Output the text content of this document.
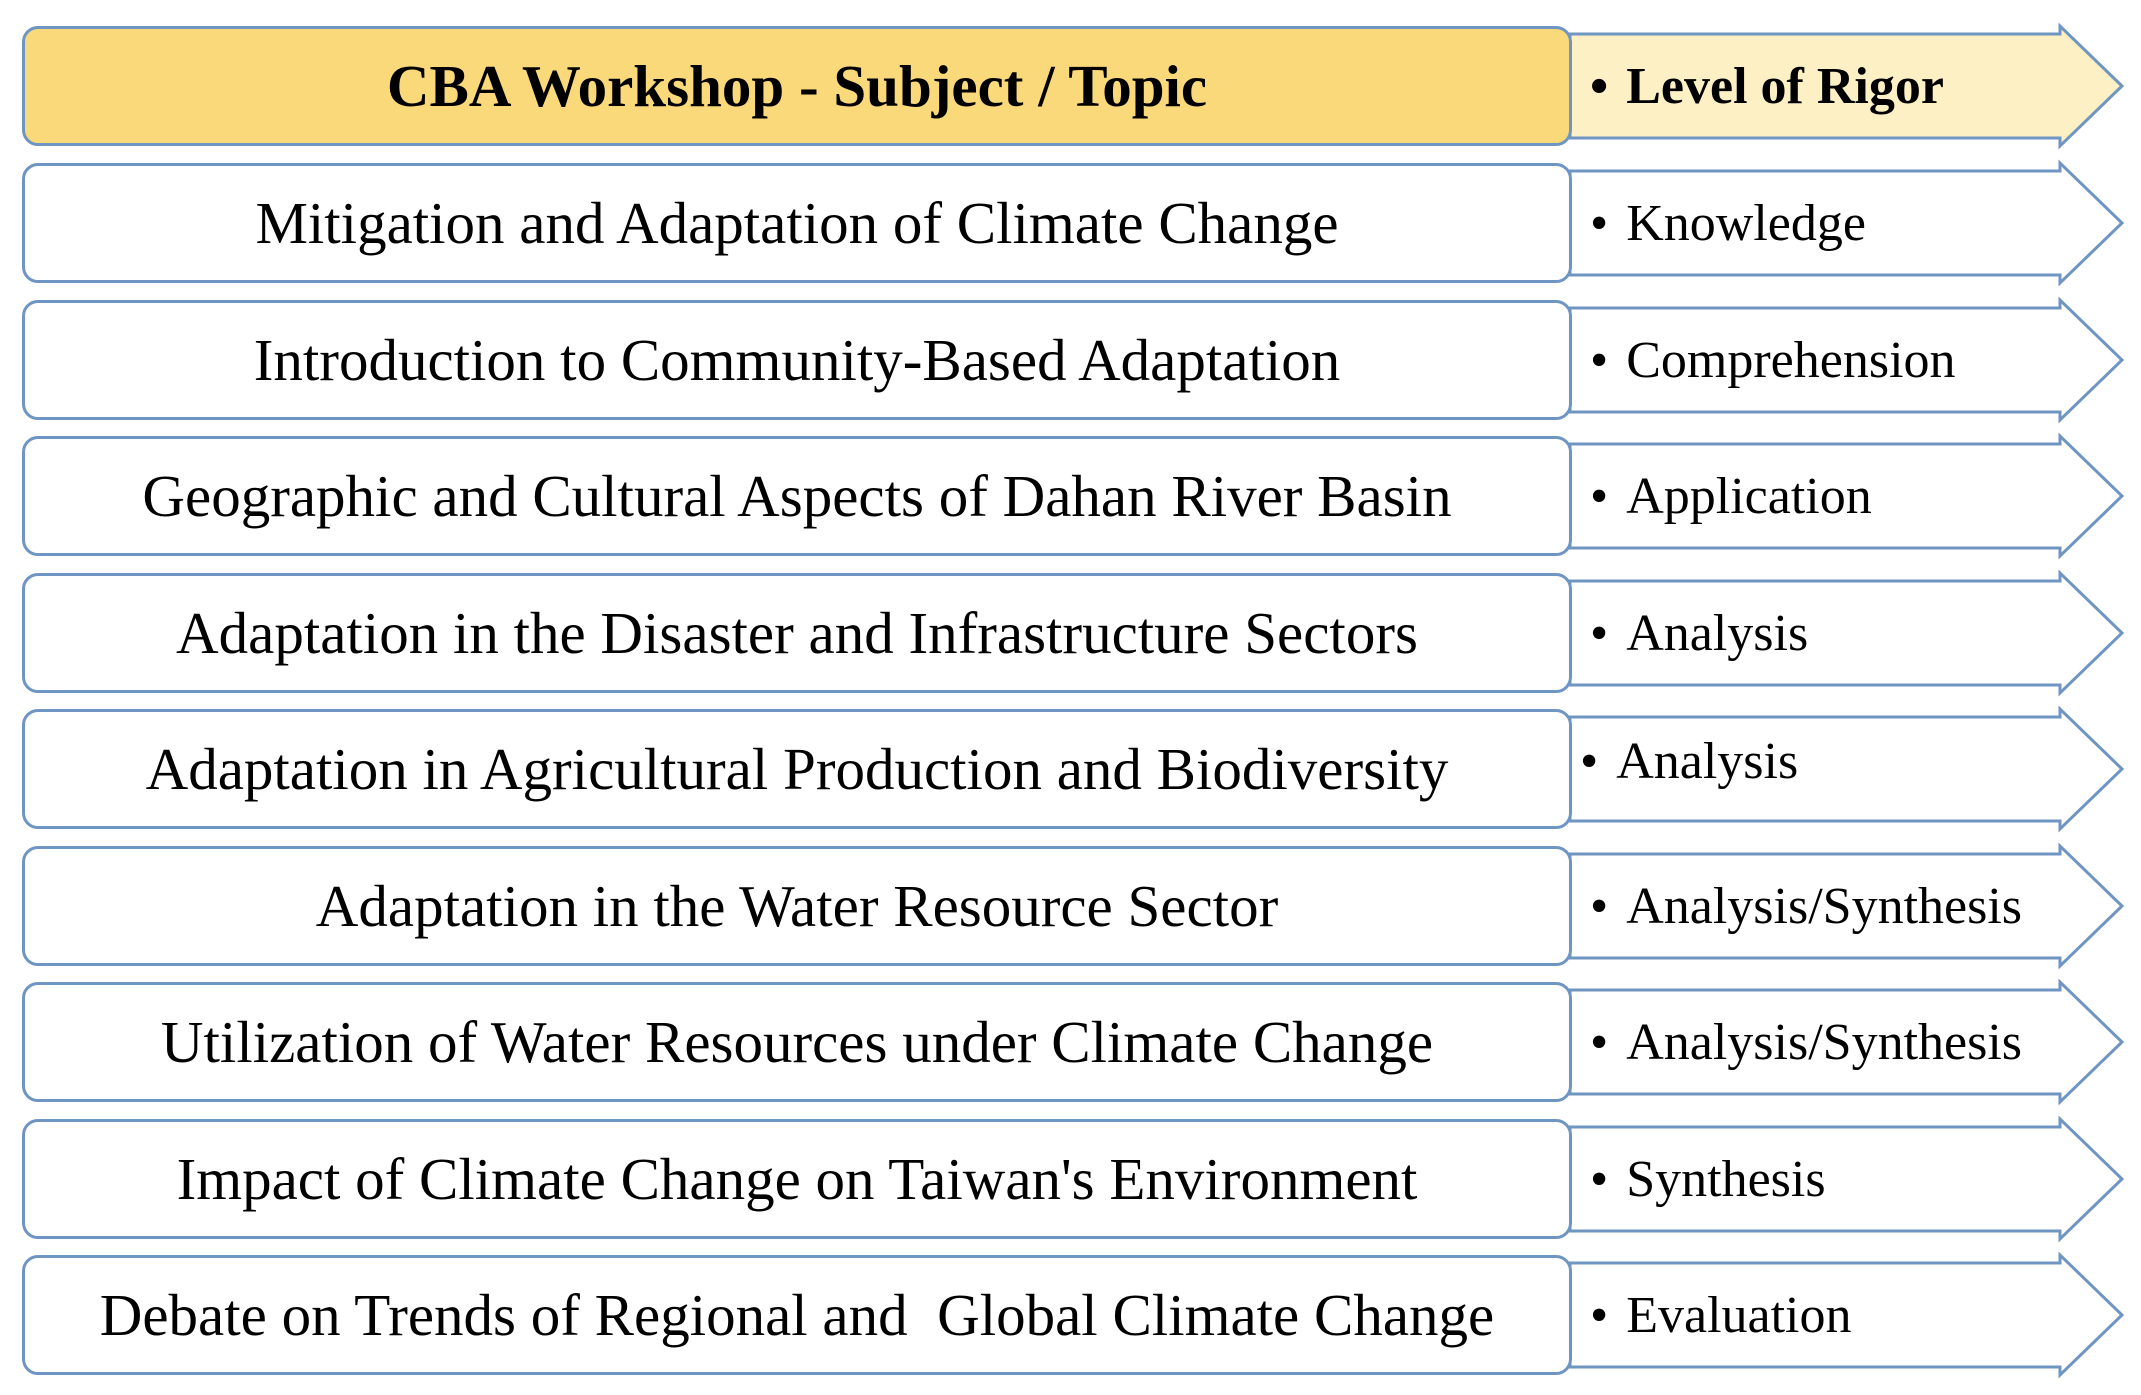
CBA Workshop - Subject / Topic	• Level of Rigor
Mitigation and Adaptation of Climate Change	• Knowledge
Introduction to Community-Based Adaptation	• Comprehension
Geographic and Cultural Aspects of Dahan River Basin	• Application
Adaptation in the Disaster and Infrastructure Sectors	• Analysis
Adaptation in Agricultural Production and Biodiversity	• Analysis
Adaptation in the Water Resource Sector	• Analysis/Synthesis
Utilization of Water Resources under Climate Change	• Analysis/Synthesis
Impact of Climate Change on Taiwan's Environment	• Synthesis
Debate on Trends of Regional and  Global Climate Change • Evaluation
